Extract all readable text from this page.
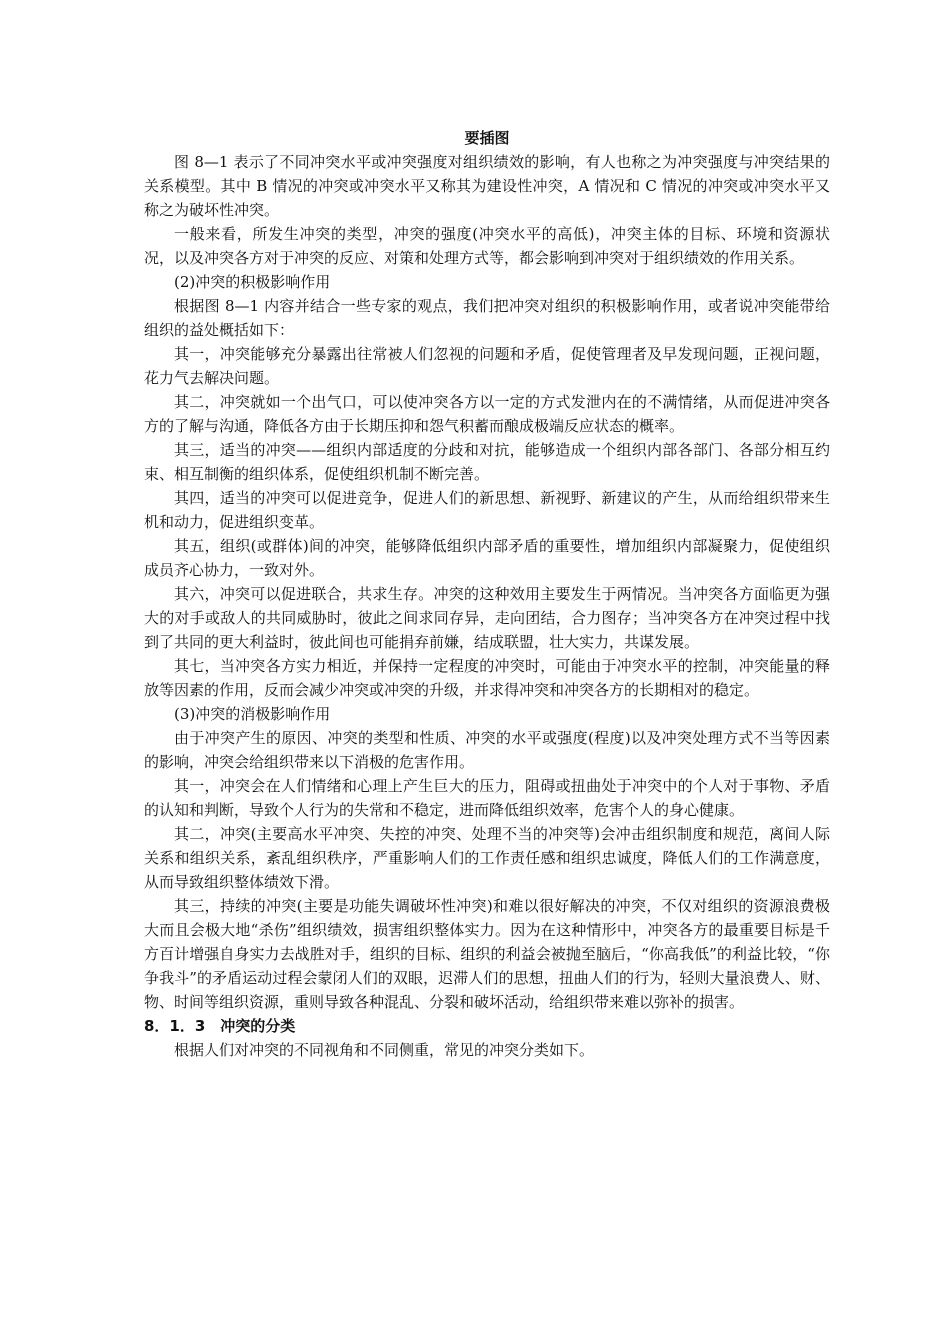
要插图

图 8—1 表示了不同冲突水平或冲突强度对组织绩效的影响，有人也称之为冲突强度与冲突结果的关系模型。其中 B 情况的冲突或冲突水平又称其为建设性冲突，A 情况和 C 情况的冲突或冲突水平又称之为破坏性冲突。

一般来看，所发生冲突的类型，冲突的强度(冲突水平的高低)，冲突主体的目标、环境和资源状况，以及冲突各方对于冲突的反应、对策和处理方式等，都会影响到冲突对于组织绩效的作用关系。

(2)冲突的积极影响作用

根据图 8—1 内容并结合一些专家的观点，我们把冲突对组织的积极影响作用，或者说冲突能带给组织的益处概括如下：

其一，冲突能够充分暴露出往常被人们忽视的问题和矛盾，促使管理者及早发现问题，正视问题，花力气去解决问题。

其二，冲突就如一个出气口，可以使冲突各方以一定的方式发泄内在的不满情绪，从而促进冲突各方的了解与沟通，降低各方由于长期压抑和怨气积蓄而酿成极端反应状态的概率。

其三，适当的冲突——组织内部适度的分歧和对抗，能够造成一个组织内部各部门、各部分相互约束、相互制衡的组织体系，促使组织机制不断完善。

其四，适当的冲突可以促进竞争，促进人们的新思想、新视野、新建议的产生，从而给组织带来生机和动力，促进组织变革。

其五，组织(或群体)间的冲突，能够降低组织内部矛盾的重要性，增加组织内部凝聚力，促使组织成员齐心协力，一致对外。

其六，冲突可以促进联合，共求生存。冲突的这种效用主要发生于两情况。当冲突各方面临更为强大的对手或敌人的共同威胁时，彼此之间求同存异，走向团结，合力图存；当冲突各方在冲突过程中找到了共同的更大利益时，彼此间也可能捐弃前嫌，结成联盟，壮大实力，共谋发展。

其七，当冲突各方实力相近，并保持一定程度的冲突时，可能由于冲突水平的控制，冲突能量的释放等因素的作用，反而会减少冲突或冲突的升级，并求得冲突和冲突各方的长期相对的稳定。

(3)冲突的消极影响作用

由于冲突产生的原因、冲突的类型和性质、冲突的水平或强度(程度)以及冲突处理方式不当等因素的影响，冲突会给组织带来以下消极的危害作用。

其一，冲突会在人们情绪和心理上产生巨大的压力，阻碍或扭曲处于冲突中的个人对于事物、矛盾的认知和判断，导致个人行为的失常和不稳定，进而降低组织效率，危害个人的身心健康。

其二，冲突(主要高水平冲突、失控的冲突、处理不当的冲突等)会冲击组织制度和规范，离间人际关系和组织关系，紊乱组织秩序，严重影响人们的工作责任感和组织忠诚度，降低人们的工作满意度，从而导致组织整体绩效下滑。

其三，持续的冲突(主要是功能失调破坏性冲突)和难以很好解决的冲突，不仅对组织的资源浪费极大而且会极大地“杀伤”组织绩效，损害组织整体实力。因为在这种情形中，冲突各方的最重要目标是千方百计增强自身实力去战胜对手，组织的目标、组织的利益会被抛至脑后，“你高我低”的利益比较，“你争我斗”的矛盾运动过程会蒙闭人们的双眼，迟滞人们的思想，扭曲人们的行为，轻则大量浪费人、财、物、时间等组织资源，重则导致各种混乱、分裂和破坏活动，给组织带来难以弥补的损害。

8．1．3　冲突的分类

根据人们对冲突的不同视角和不同侧重，常见的冲突分类如下。
